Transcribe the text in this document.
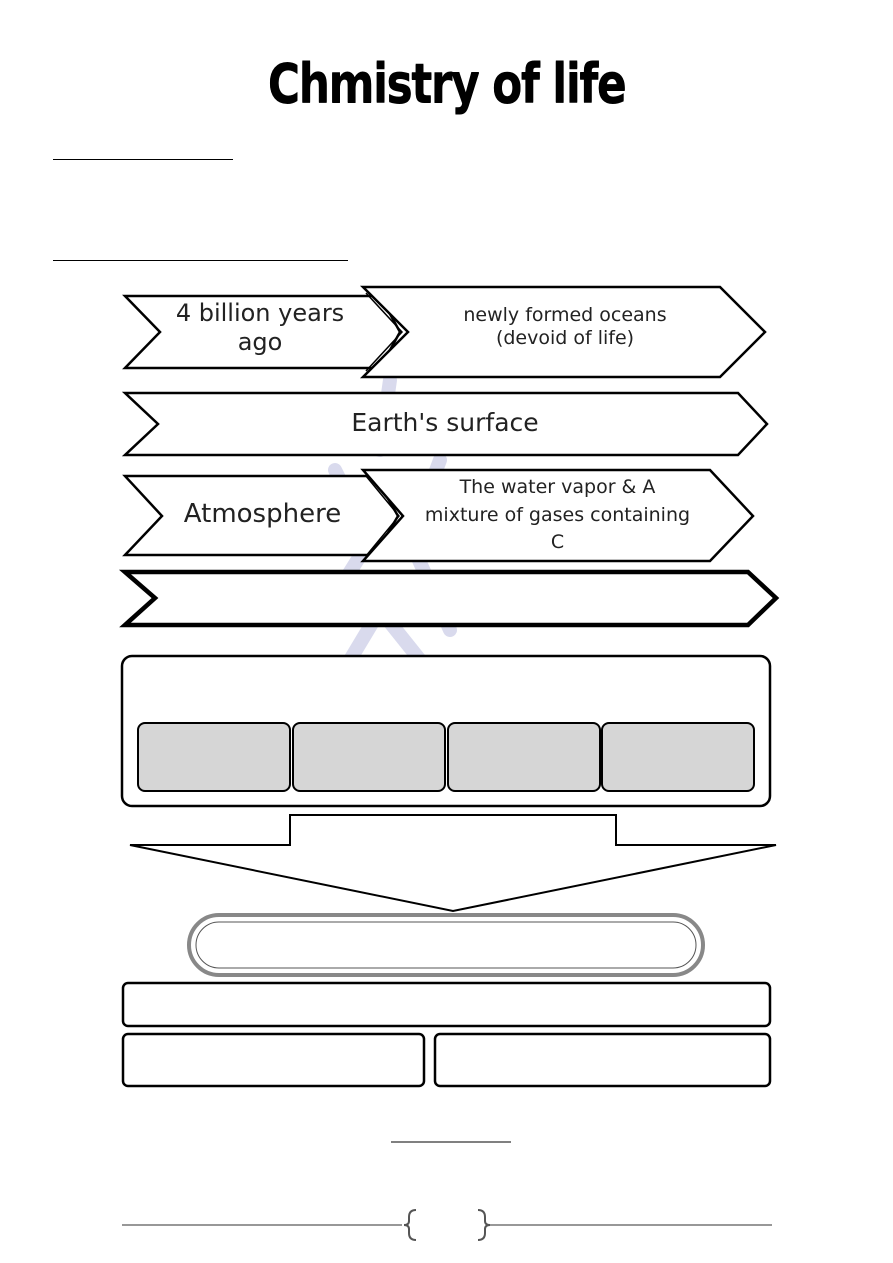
Chmistry of life
4 billion years ago
newly formed oceans
(devoid of life)
Earth's surface
Atmosphere
The water vapor & A
mixture of gases containing
C
